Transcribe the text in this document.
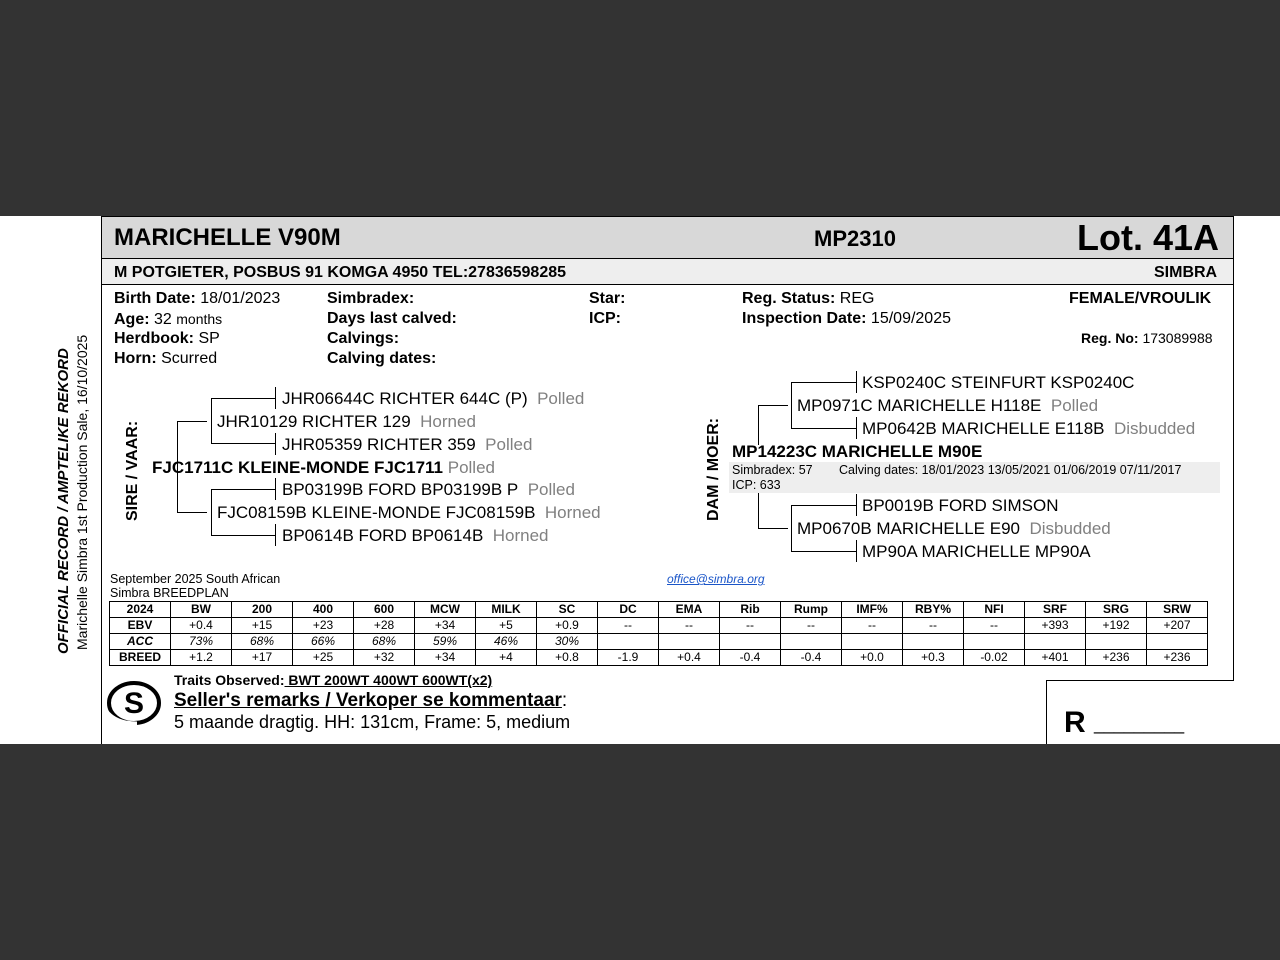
MARICHELLE V90M	MP2310	Lot. 41A
M POTGIETER, POSBUS 91 KOMGA 4950 TEL:27836598285	SIMBRA
OFFICIAL RECORD / AMPTELIKE REKORD Marichelle Simbra 1st Production Sale, 16/10/2025
Birth Date: 18/01/2023
Age: 32 months
Herdbook: SP
Horn: Scurred
Simbradex:
Days last calved:
Calvings:
Calving dates:
Star:
ICP:
Reg. Status: REG
Inspection Date: 15/09/2025
FEMALE/VROULIK
Reg. No: 173089988
SIRE / VAAR:
JHR06644C RICHTER 644C (P) Polled
JHR10129 RICHTER 129 Horned
JHR05359 RICHTER 359 Polled
FJC1711C KLEINE-MONDE FJC1711 Polled
BP03199B FORD BP03199B P Polled
FJC08159B KLEINE-MONDE FJC08159B Horned
BP0614B FORD BP0614B Horned
DAM / MOER:
KSP0240C STEINFURT KSP0240C
MP0971C MARICHELLE H118E Polled
MP0642B MARICHELLE E118B Disbudded
MP14223C MARICHELLE M90E
Simbradex: 57 Calving dates: 18/01/2023 13/05/2021 01/06/2019 07/11/2017
ICP: 633
BP0019B FORD SIMSON
MP0670B MARICHELLE E90 Disbudded
MP90A MARICHELLE MP90A
September 2025 South African
Simbra BREEDPLAN
office@simbra.org
2024	BW	200	400	600	MCW	MILK	SC	DC	EMA	Rib	Rump	IMF%	RBY%	NFI	SRF	SRG	SRW
EBV	+0.4	+15	+23	+28	+34	+5	+0.9	--	--	--	--	--	--	--	+393	+192	+207
ACC	73%	68%	66%	68%	59%	46%	30%										
BREED	+1.2	+17	+25	+32	+34	+4	+0.8	-1.9	+0.4	-0.4	-0.4	+0.0	+0.3	-0.02	+401	+236	+236
R _________
S
Traits Observed: BWT 200WT 400WT 600WT(x2)
Seller's remarks / Verkoper se kommentaar:
5 maande dragtig. HH: 131cm, Frame: 5, medium
